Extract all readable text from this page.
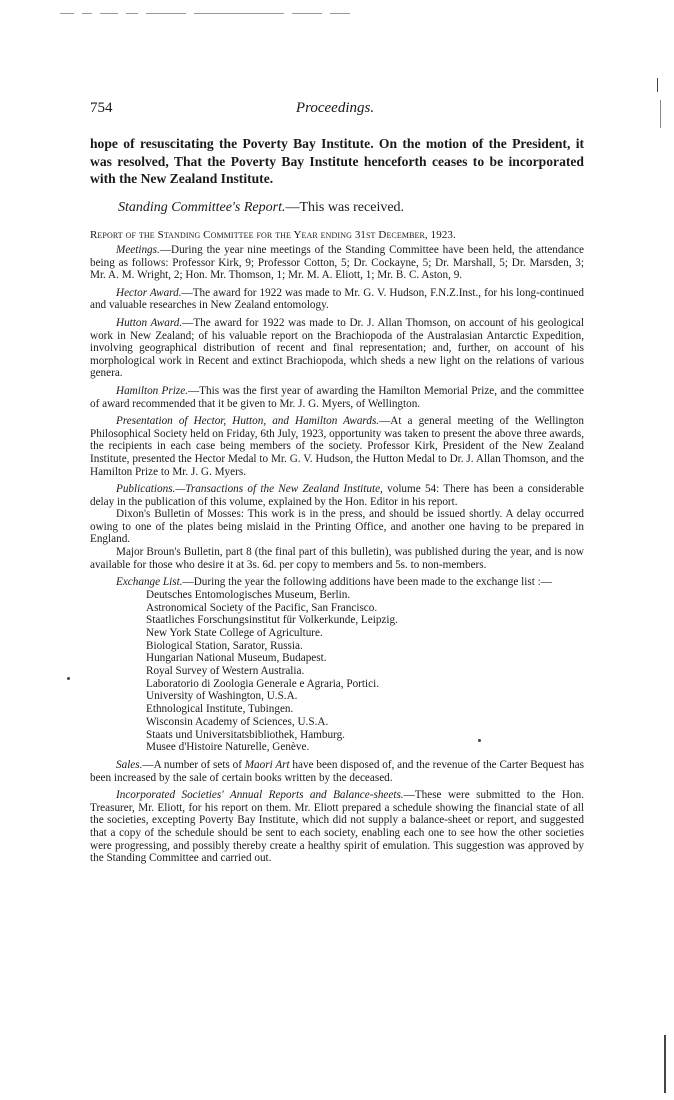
754	Proceedings.
hope of resuscitating the Poverty Bay Institute. On the motion of the President, it was resolved, That the Poverty Bay Institute henceforth ceases to be incorporated with the New Zealand Institute.
Standing Committee's Report.—This was received.
Report of the Standing Committee for the Year ending 31st December, 1923.

Meetings.—During the year nine meetings of the Standing Committee have been held, the attendance being as follows: Professor Kirk, 9; Professor Cotton, 5; Dr. Cockayne, 5; Dr. Marshall, 5; Dr. Marsden, 3; Mr. A. M. Wright, 2; Hon. Mr. Thomson, 1; Mr. M. A. Eliott, 1; Mr. B. C. Aston, 9.

Hector Award.—The award for 1922 was made to Mr. G. V. Hudson, F.N.Z.Inst., for his long-continued and valuable researches in New Zealand entomology.

Hutton Award.—The award for 1922 was made to Dr. J. Allan Thomson, on account of his geological work in New Zealand; of his valuable report on the Brachiopoda of the Australasian Antarctic Expedition, involving geographical distribution of recent and final representation; and, further, on account of his morphological work in Recent and extinct Brachiopoda, which sheds a new light on the relations of various genera.

Hamilton Prize.—This was the first year of awarding the Hamilton Memorial Prize, and the committee of award recommended that it be given to Mr. J. G. Myers, of Wellington.

Presentation of Hector, Hutton, and Hamilton Awards.—At a general meeting of the Wellington Philosophical Society held on Friday, 6th July, 1923, opportunity was taken to present the above three awards, the recipients in each case being members of the society. Professor Kirk, President of the New Zealand Institute, presented the Hector Medal to Mr. G. V. Hudson, the Hutton Medal to Dr. J. Allan Thomson, and the Hamilton Prize to Mr. J. G. Myers.

Publications.—Transactions of the New Zealand Institute, volume 54: There has been a considerable delay in the publication of this volume, explained by the Hon. Editor in his report.

Dixon's Bulletin of Mosses: This work is in the press, and should be issued shortly. A delay occurred owing to one of the plates being mislaid in the Printing Office, and another one having to be prepared in England.

Major Broun's Bulletin, part 8 (the final part of this bulletin), was published during the year, and is now available for those who desire it at 3s. 6d. per copy to members and 5s. to non-members.

Exchange List.—During the year the following additions have been made to the exchange list :—

Deutsches Entomologisches Museum, Berlin.
Astronomical Society of the Pacific, San Francisco.
Staatliches Forschungsinstitut für Volkerkunde, Leipzig.
New York State College of Agriculture.
Biological Station, Sarator, Russia.
Hungarian National Museum, Budapest.
Royal Survey of Western Australia.
Laboratorio di Zoologia Generale e Agraria, Portici.
University of Washington, U.S.A.
Ethnological Institute, Tubingen.
Wisconsin Academy of Sciences, U.S.A.
Staats und Universitatsbibliothek, Hamburg.
Musee d'Histoire Naturelle, Genève.

Sales.—A number of sets of Maori Art have been disposed of, and the revenue of the Carter Bequest has been increased by the sale of certain books written by the deceased.

Incorporated Societies' Annual Reports and Balance-sheets.—These were submitted to the Hon. Treasurer, Mr. Eliott, for his report on them. Mr. Eliott prepared a schedule showing the financial state of all the societies, excepting Poverty Bay Institute, which did not supply a balance-sheet or report, and suggested that a copy of the schedule should be sent to each society, enabling each one to see how the other societies were progressing, and possibly thereby create a healthy spirit of emulation. This suggestion was approved by the Standing Committee and carried out.
